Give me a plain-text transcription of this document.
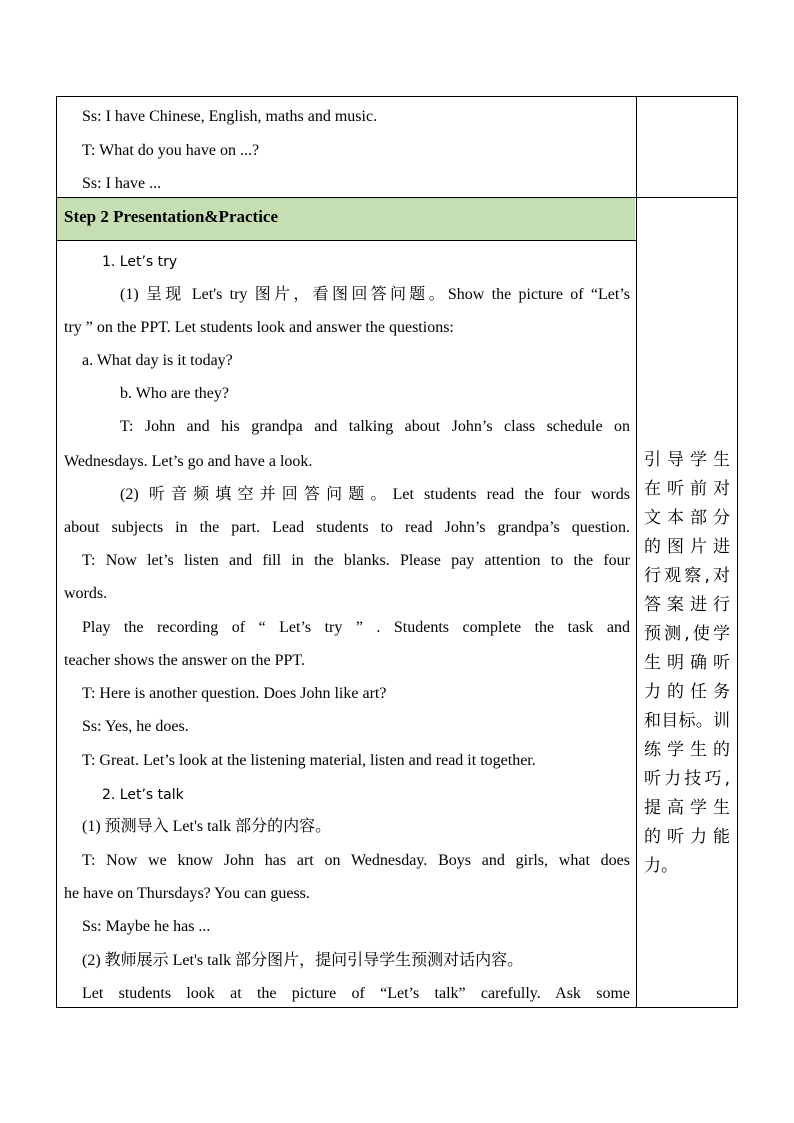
Ss: I have Chinese, English, maths and music.
T: What do you have on ...?
Ss: I have ...
Step 2 Presentation&Practice
1. Let’s try
(1) 呈现 Let's try 图片，看图回答问题。Show the picture of “Let’s
try ” on the PPT. Let students look and answer the questions:
a. What day is it today?
b. Who are they?
T: John and his grandpa and talking about John’s class schedule on
Wednesdays. Let’s go and have a look.
(2) 听音频填空并回答问题。Let students read the four words
about subjects in the part. Lead students to read John’s grandpa’s question.
T: Now let’s listen and fill in the blanks. Please pay attention to the four
words.
Play the recording of “ Let’s try ” . Students complete the task and
teacher shows the answer on the PPT.
T: Here is another question. Does John like art?
Ss: Yes, he does.
T: Great. Let’s look at the listening material, listen and read it together.
2. Let’s talk
(1) 预测导入 Let's talk 部分的内容。
T: Now we know John has art on Wednesday. Boys and girls, what does
he have on Thursdays? You can guess.
Ss: Maybe he has ...
(2) 教师展示 Let's talk 部分图片，提问引导学生预测对话内容。
Let students look at the picture of “Let’s talk” carefully. Ask some
引导学生
在听前对
文本部分
的图片进
行观察,对
答案进行
预测,使学
生明确听
力的任务
和目标。训
练学生的
听力技巧,
提高学生
的听力能
力。
